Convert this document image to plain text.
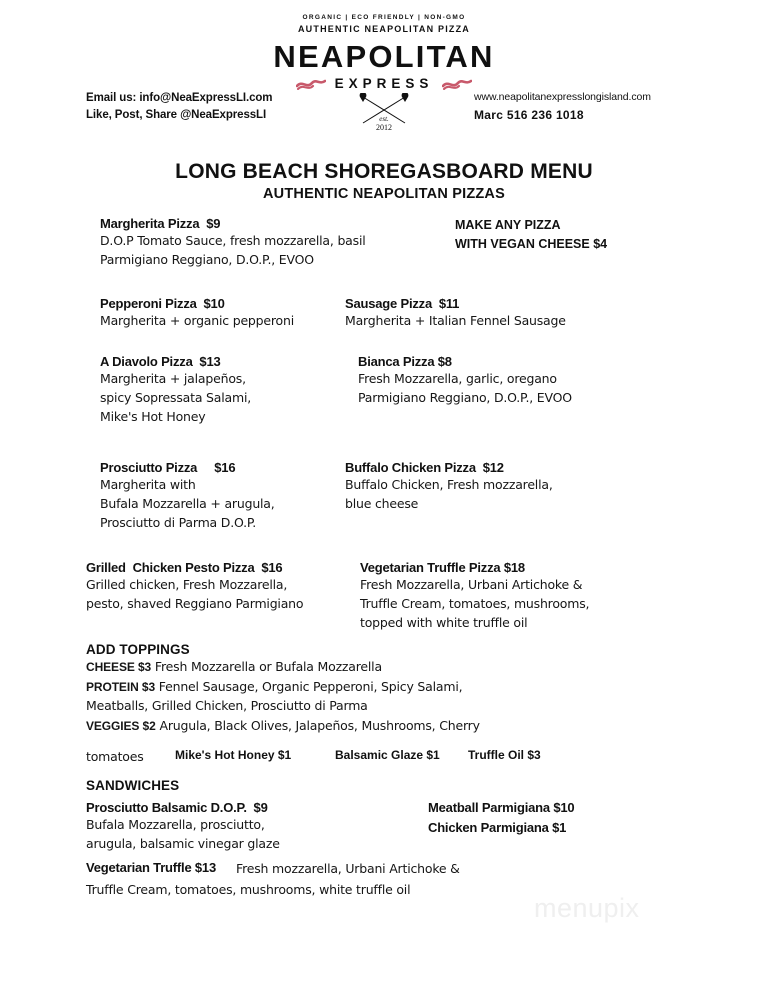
ORGANIC | ECO FRIENDLY | NON-GMO
AUTHENTIC NEAPOLITAN PIZZA
NEAPOLITAN
EXPRESS
est.
2012
Email us: info@NeaExpressLI.com
Like, Post, Share @NeaExpressLI
www.neapolitanexpresslongisland.com
Marc 516 236 1018
LONG BEACH SHOREGASBOARD MENU
AUTHENTIC NEAPOLITAN PIZZAS
Margherita Pizza  $9
D.O.P Tomato Sauce, fresh mozzarella, basil
Parmigiano Reggiano, D.O.P., EVOO
MAKE ANY PIZZA
WITH VEGAN CHEESE $4
Pepperoni Pizza  $10
Margherita + organic pepperoni
Sausage Pizza  $11
Margherita + Italian Fennel Sausage
A Diavolo Pizza  $13
Margherita + jalapeños,
spicy Sopressata Salami,
Mike's Hot Honey
Bianca Pizza $8
Fresh Mozzarella, garlic, oregano
Parmigiano Reggiano, D.O.P., EVOO
Prosciutto Pizza     $16
Margherita with
Bufala Mozzarella + arugula,
Prosciutto di Parma D.O.P.
Buffalo Chicken Pizza  $12
Buffalo Chicken, Fresh mozzarella,
blue cheese
Grilled  Chicken Pesto Pizza  $16
Grilled chicken, Fresh Mozzarella,
pesto, shaved Reggiano Parmigiano
Vegetarian Truffle Pizza $18
Fresh Mozzarella, Urbani Artichoke &
Truffle Cream, tomatoes, mushrooms,
topped with white truffle oil
ADD TOPPINGS
CHEESE $3 Fresh Mozzarella or Bufala Mozzarella
PROTEIN $3 Fennel Sausage, Organic Pepperoni, Spicy Salami,
Meatballs, Grilled Chicken, Prosciutto di Parma
VEGGIES $2 Arugula, Black Olives, Jalapeños, Mushrooms, Cherry
tomatoes	Mike's Hot Honey $1	Balsamic Glaze $1 Truffle Oil $3
SANDWICHES
Prosciutto Balsamic D.O.P.  $9
Bufala Mozzarella, prosciutto,
arugula, balsamic vinegar glaze
Meatball Parmigiana $10
Chicken Parmigiana $1
Vegetarian Truffle $13 Fresh mozzarella, Urbani Artichoke &
Truffle Cream, tomatoes, mushrooms, white truffle oil
menupix
